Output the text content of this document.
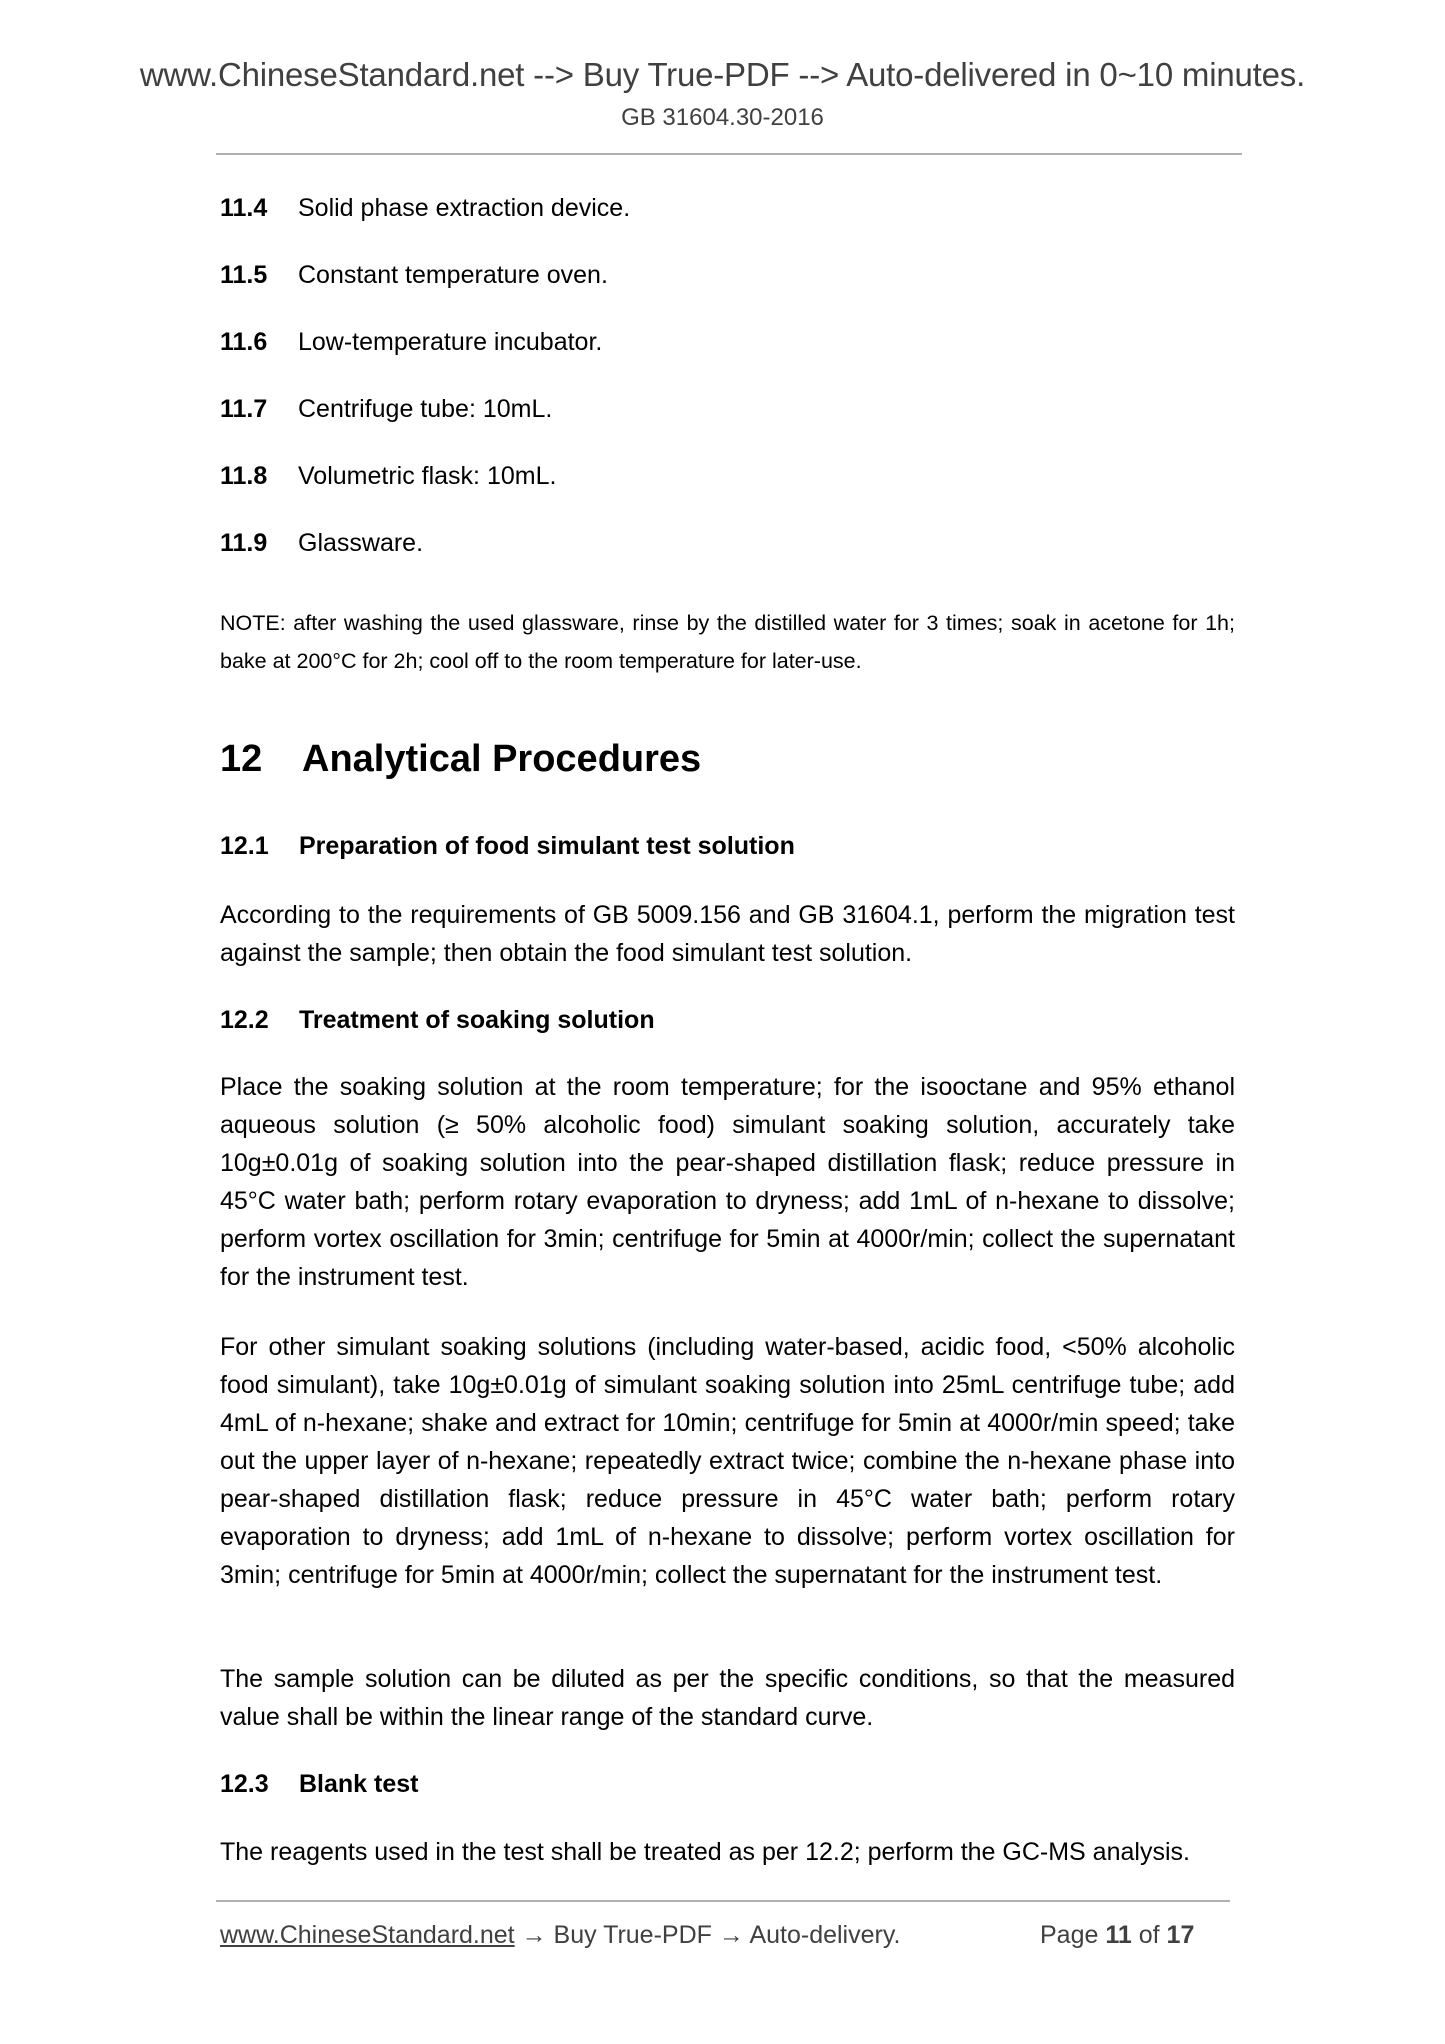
www.ChineseStandard.net --> Buy True-PDF --> Auto-delivered in 0~10 minutes.
GB 31604.30-2016
11.4 Solid phase extraction device.
11.5 Constant temperature oven.
11.6 Low-temperature incubator.
11.7 Centrifuge tube: 10mL.
11.8 Volumetric flask: 10mL.
11.9 Glassware.
NOTE: after washing the used glassware, rinse by the distilled water for 3 times; soak in acetone for 1h; bake at 200°C for 2h; cool off to the room temperature for later-use.
12 Analytical Procedures
12.1 Preparation of food simulant test solution
According to the requirements of GB 5009.156 and GB 31604.1, perform the migration test against the sample; then obtain the food simulant test solution.
12.2 Treatment of soaking solution
Place the soaking solution at the room temperature; for the isooctane and 95% ethanol aqueous solution (≥ 50% alcoholic food) simulant soaking solution, accurately take 10g±0.01g of soaking solution into the pear-shaped distillation flask; reduce pressure in 45°C water bath; perform rotary evaporation to dryness; add 1mL of n-hexane to dissolve; perform vortex oscillation for 3min; centrifuge for 5min at 4000r/min; collect the supernatant for the instrument test.
For other simulant soaking solutions (including water-based, acidic food, <50% alcoholic food simulant), take 10g±0.01g of simulant soaking solution into 25mL centrifuge tube; add 4mL of n-hexane; shake and extract for 10min; centrifuge for 5min at 4000r/min speed; take out the upper layer of n-hexane; repeatedly extract twice; combine the n-hexane phase into pear-shaped distillation flask; reduce pressure in 45°C water bath; perform rotary evaporation to dryness; add 1mL of n-hexane to dissolve; perform vortex oscillation for 3min; centrifuge for 5min at 4000r/min; collect the supernatant for the instrument test.
The sample solution can be diluted as per the specific conditions, so that the measured value shall be within the linear range of the standard curve.
12.3 Blank test
The reagents used in the test shall be treated as per 12.2; perform the GC-MS analysis.
www.ChineseStandard.net → Buy True-PDF → Auto-delivery.	Page 11 of 17
